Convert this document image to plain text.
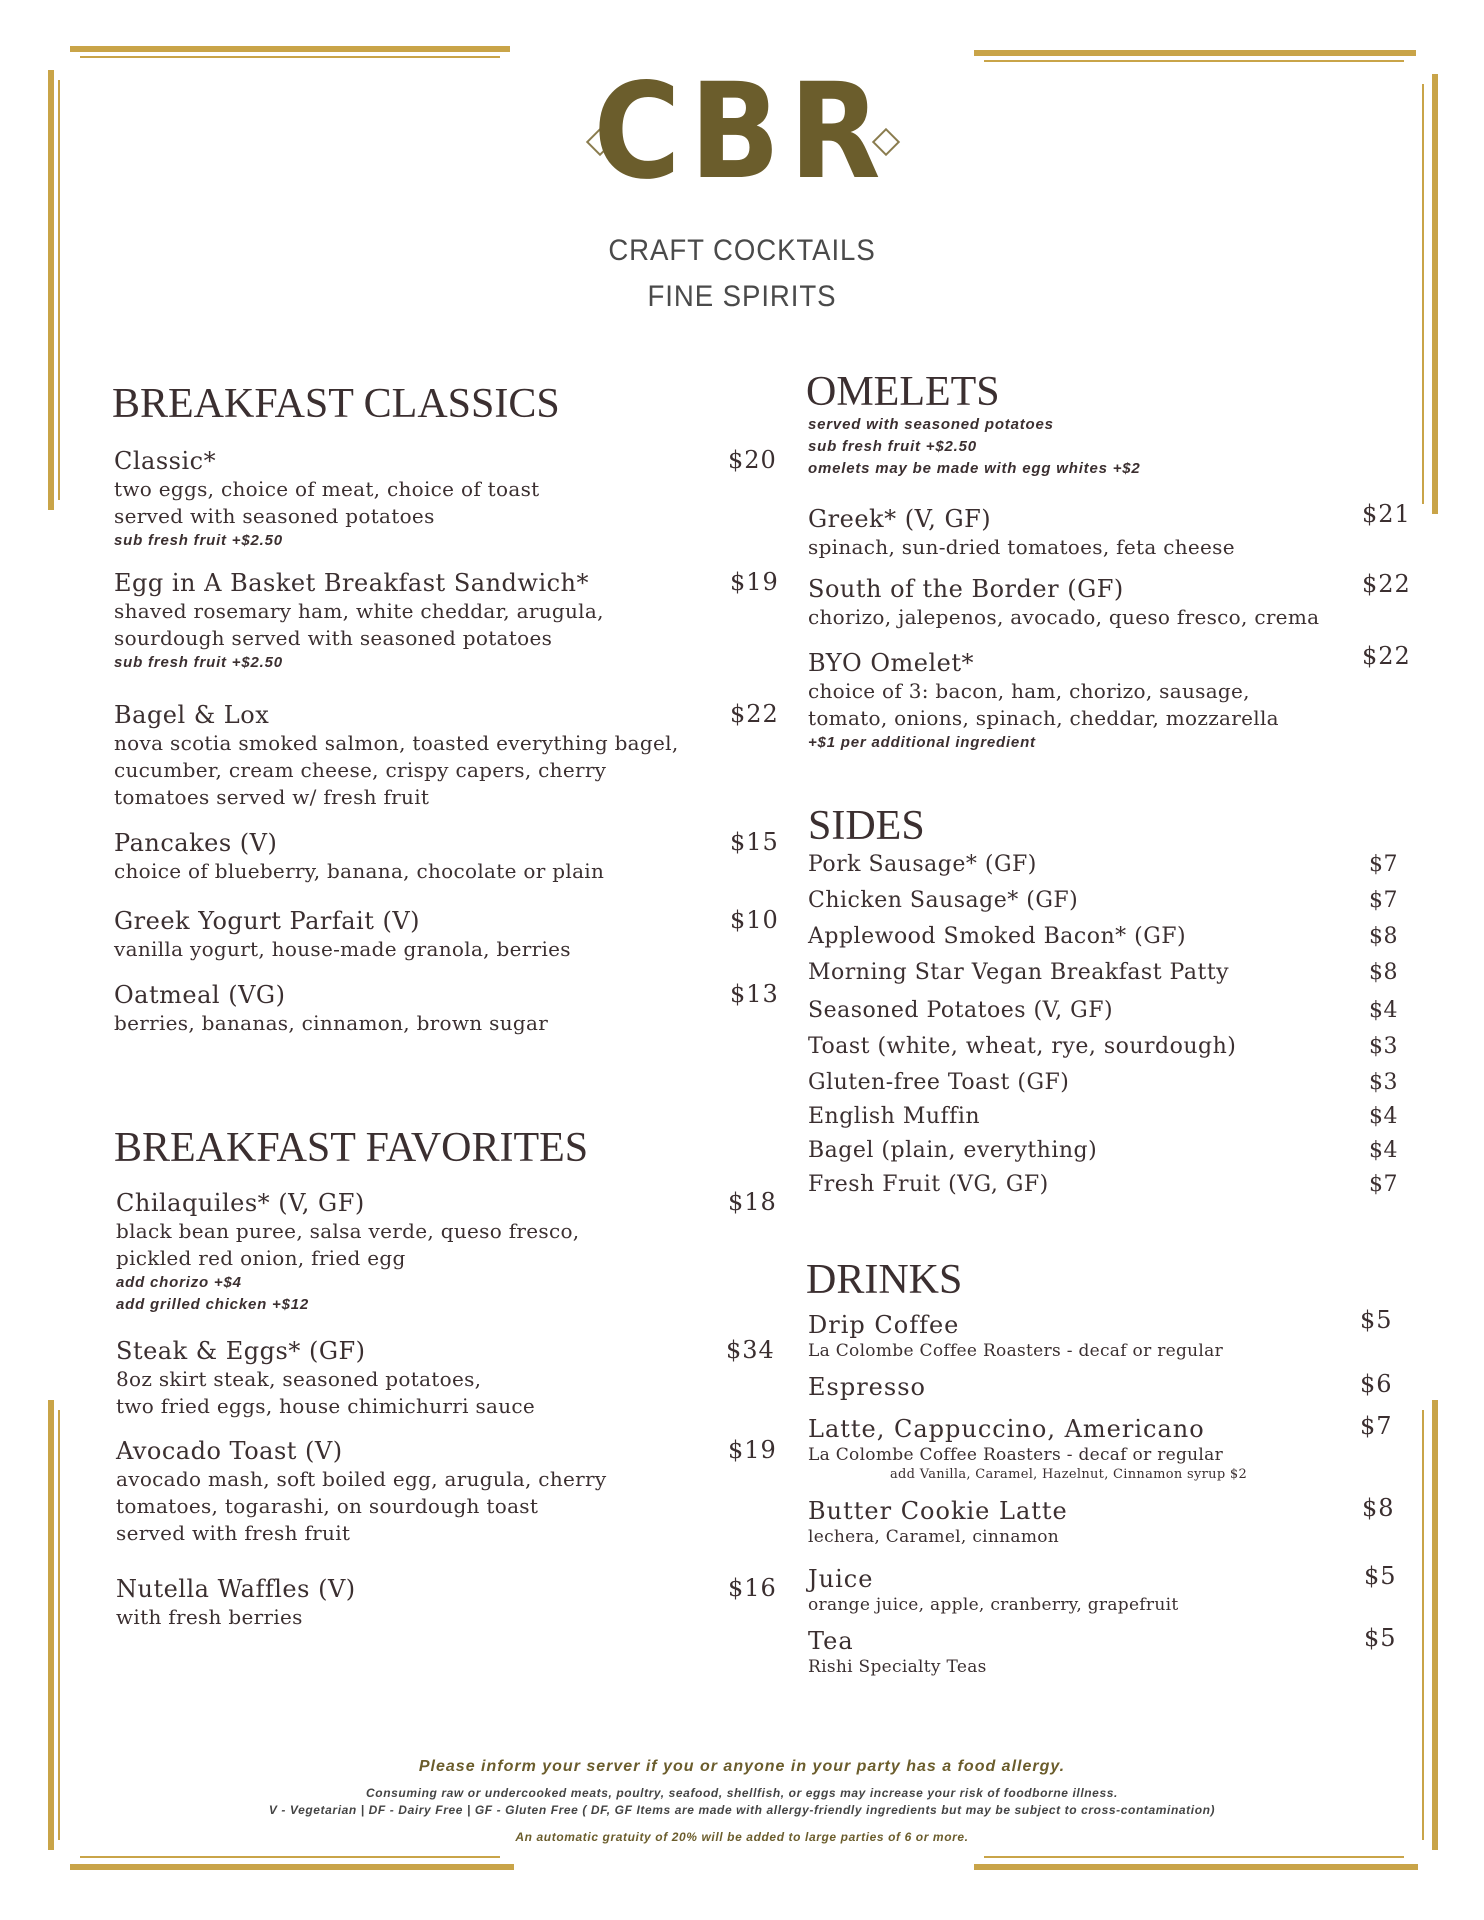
CBR
CRAFT COCKTAILS
FINE SPIRITS
BREAKFAST CLASSICS
Classic*
two eggs, choice of meat, choice of toast
served with seasoned potatoes
sub fresh fruit +$2.50
$20
Egg in A Basket Breakfast Sandwich*
shaved rosemary ham, white cheddar, arugula,
sourdough served with seasoned potatoes
sub fresh fruit +$2.50
$19
Bagel & Lox
nova scotia smoked salmon, toasted everything bagel,
cucumber, cream cheese, crispy capers, cherry
tomatoes served w/ fresh fruit
$22
Pancakes (V)
choice of blueberry, banana, chocolate or plain
$15
Greek Yogurt Parfait (V)
vanilla yogurt, house-made granola, berries
$10
Oatmeal (VG)
berries, bananas, cinnamon, brown sugar
$13
BREAKFAST FAVORITES
Chilaquiles* (V, GF)
black bean puree, salsa verde, queso fresco,
pickled red onion, fried egg
add chorizo +$4
add grilled chicken +$12
$18
Steak & Eggs* (GF)
8oz skirt steak, seasoned potatoes,
two fried eggs, house chimichurri sauce
$34
Avocado Toast (V)
avocado mash, soft boiled egg, arugula, cherry
tomatoes, togarashi, on sourdough toast
served with fresh fruit
$19
Nutella Waffles (V)
with fresh berries
$16
OMELETS
served with seasoned potatoes
sub fresh fruit +$2.50
omelets may be made with egg whites +$2
Greek* (V, GF)
spinach, sun-dried tomatoes, feta cheese
$21
South of the Border (GF)
chorizo, jalepenos, avocado, queso fresco, crema
$22
BYO Omelet*
choice of 3: bacon, ham, chorizo, sausage,
tomato, onions, spinach, cheddar, mozzarella
+$1 per additional ingredient
$22
SIDES
Pork Sausage* (GF)	$7
Chicken Sausage* (GF)	$7
Applewood Smoked Bacon* (GF)	$8
Morning Star Vegan Breakfast Patty	$8
Seasoned Potatoes (V, GF)	$4
Toast (white, wheat, rye, sourdough)	$3
Gluten-free Toast (GF)	$3
English Muffin	$4
Bagel (plain, everything)	$4
Fresh Fruit (VG, GF)	$7
DRINKS
Drip Coffee
La Colombe Coffee Roasters - decaf or regular
$5
Espresso	$6
Latte, Cappuccino, Americano
La Colombe Coffee Roasters - decaf or regular
add Vanilla, Caramel, Hazelnut, Cinnamon syrup $2
$7
Butter Cookie Latte
lechera, Caramel, cinnamon
$8
Juice
orange juice, apple, cranberry, grapefruit
$5
Tea
Rishi Specialty Teas
$5
Please inform your server if you or anyone in your party has a food allergy.
Consuming raw or undercooked meats, poultry, seafood, shellfish, or eggs may increase your risk of foodborne illness.
V - Vegetarian | DF - Dairy Free | GF - Gluten Free ( DF, GF Items are made with allergy-friendly ingredients but may be subject to cross-contamination)
An automatic gratuity of 20% will be added to large parties of 6 or more.
